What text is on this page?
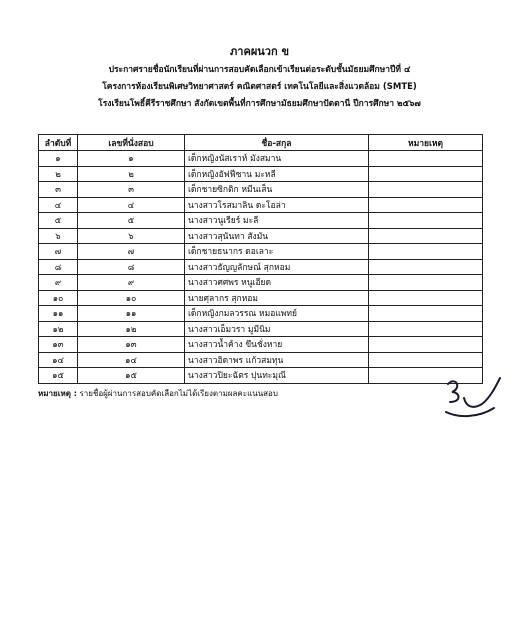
ภาคผนวก ข
ประกาศรายชื่อนักเรียนที่ผ่านการสอบคัดเลือกเข้าเรียนต่อระดับชั้นมัธยมศึกษาปีที่ ๔
โครงการห้องเรียนพิเศษวิทยาศาสตร์ คณิตศาสตร์ เทคโนโลยีและสิ่งแวดล้อม (SMTE)
โรงเรียนโพธิ์คีรีราชศึกษา สังกัดเขตพื้นที่การศึกษามัธยมศึกษาปัตตานี ปีการศึกษา ๒๕๖๗
ลำดับที่	เลขที่นั่งสอบ	ชื่อ-สกุล	หมายเหตุ
๑	๑	เด็กหญิงนัสเราห์ มังสมาน	
๒	๒	เด็กหญิงอัฟฟีซาน มะหลี	
๓	๓	เด็กชายซิกติก หมีนเส็น	
๔	๔	นางสาวโรสมาลิน ดะโอล่า	
๕	๕	นางสาวนูเรียร์ มะลี	
๖	๖	นางสาวสุนันทา สังมัน	
๗	๗	เด็กชายธนากร ดอเลาะ	
๘	๘	นางสาวธัญญลักษณ์ สุกหอม	
๙	๙	นางสาวศศพร หนูเอียด	
๑๐	๑๐	นายศุลากร สุกหอม	
๑๑	๑๑	เด็กหญิงกมลวรรณ หมอแพทย์	
๑๒	๑๒	นางสาวเอ็มวรา มูมีนิม	
๑๓	๑๓	นางสาวน้ำค้าง ขึนชั่งหาย	
๑๔	๑๔	นางสาวอิดาพร แก้วสมทุน	
๑๕	๑๕	นางสาวปิยะฉัตร ปุนทะมุณี	
หมายเหตุ : รายชื่อผู้ผ่านการสอบคัดเลือกไม่ได้เรียงตามผลคะแนนสอบ
